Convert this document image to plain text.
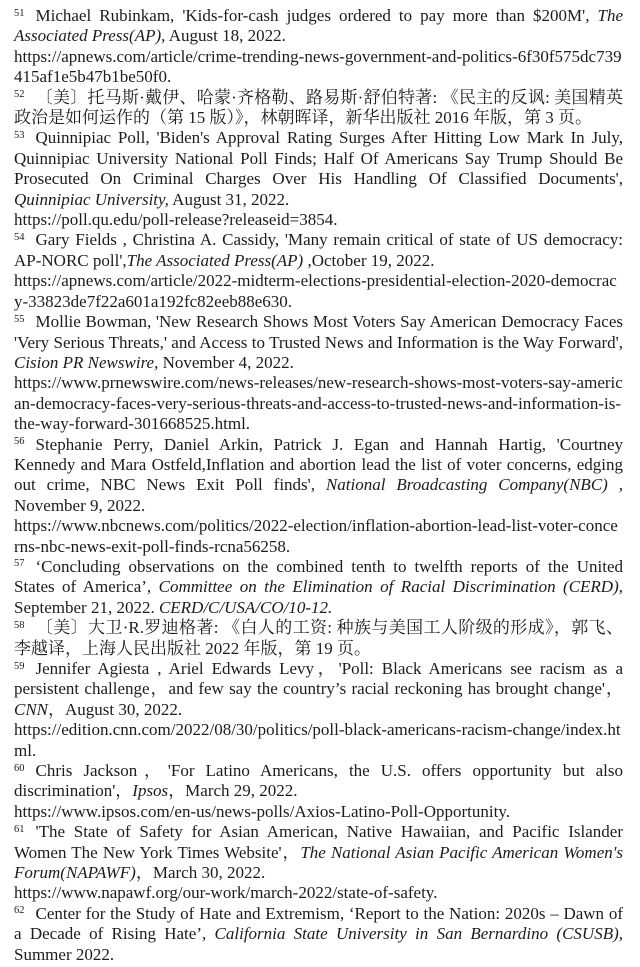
$^{51}$ Michael Rubinkam, 'Kids-for-cash judges ordered to pay more than $200M', The Associated Press(AP), August 18, 2022.
https://apnews.com/article/crime-trending-news-government-and-politics-6f30f575dc739415af1e5b47b1be50f0.

$^{52}$ 〔美〕托马斯·戴伊、哈蒙·齐格勒、路易斯·舒伯特著: 《民主的反讽: 美国精英政治是如何运作的（第 15 版）》，林朝晖译，新华出版社 2016 年版，第 3 页。

$^{53}$ Quinnipiac Poll, 'Biden's Approval Rating Surges After Hitting Low Mark In July, Quinnipiac University National Poll Finds; Half Of Americans Say Trump Should Be Prosecuted On Criminal Charges Over His Handling Of Classified Documents', Quinnipiac University, August 31, 2022.
https://poll.qu.edu/poll-release?releaseid=3854.

$^{54}$ Gary Fields , Christina A. Cassidy, 'Many remain critical of state of US democracy: AP-NORC poll',The Associated Press(AP) ,October 19, 2022.
https://apnews.com/article/2022-midterm-elections-presidential-election-2020-democracy-33823de7f22a601a192fc82eeb88e630.

$^{55}$ Mollie Bowman, 'New Research Shows Most Voters Say American Democracy Faces 'Very Serious Threats,' and Access to Trusted News and Information is the Way Forward', Cision PR Newswire, November 4, 2022.
https://www.prnewswire.com/news-releases/new-research-shows-most-voters-say-american-democracy-faces-very-serious-threats-and-access-to-trusted-news-and-information-is-the-way-forward-301668525.html.

$^{56}$ Stephanie Perry, Daniel Arkin, Patrick J. Egan and Hannah Hartig, 'Courtney Kennedy and Mara Ostfeld,Inflation and abortion lead the list of voter concerns, edging out crime, NBC News Exit Poll finds', National Broadcasting Company(NBC) , November 9, 2022.
https://www.nbcnews.com/politics/2022-election/inflation-abortion-lead-list-voter-concerns-nbc-news-exit-poll-finds-rcna56258.

$^{57}$ ‘Concluding observations on the combined tenth to twelfth reports of the United States of America’, Committee on the Elimination of Racial Discrimination (CERD), September 21, 2022. CERD/C/USA/CO/10-12.

$^{58}$ 〔美〕大卫·R.罗迪格著: 《白人的工资: 种族与美国工人阶级的形成》，郭飞、李越译，上海人民出版社 2022 年版，第 19 页。

$^{59}$ Jennifer Agiesta , Ariel Edwards Levy，'Poll: Black Americans see racism as a persistent challenge，and few say the country’s racial reckoning has brought change'，CNN，August 30, 2022.
https://edition.cnn.com/2022/08/30/politics/poll-black-americans-racism-change/index.html.

$^{60}$ Chris Jackson，'For Latino Americans, the U.S. offers opportunity but also discrimination'，Ipsos，March 29, 2022.
https://www.ipsos.com/en-us/news-polls/Axios-Latino-Poll-Opportunity.

$^{61}$ 'The State of Safety for Asian American, Native Hawaiian, and Pacific Islander Women The New York Times Website'，The National Asian Pacific American Women's Forum(NAPAWF)，March 30, 2022.
https://www.napawf.org/our-work/march-2022/state-of-safety.

$^{62}$ Center for the Study of Hate and Extremism, ‘Report to the Nation: 2020s – Dawn of a Decade of Rising Hate’, California State University in San Bernardino (CSUSB), Summer 2022.
